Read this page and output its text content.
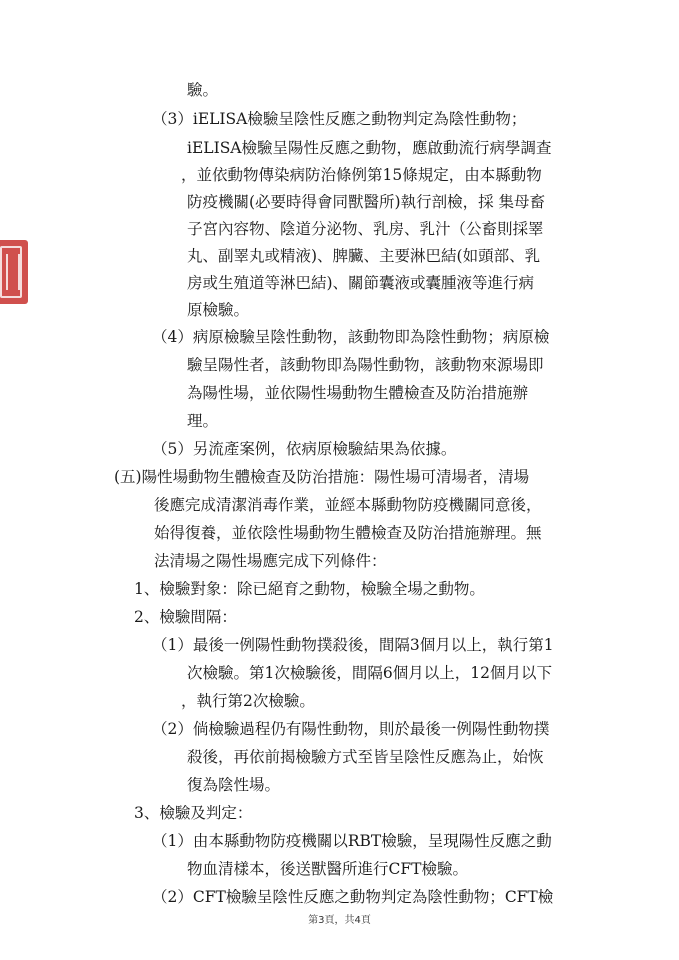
驗。
（3）iELISA檢驗呈陰性反應之動物判定為陰性動物；
iELISA檢驗呈陽性反應之動物，應啟動流行病學調查
，並依動物傳染病防治條例第15條規定，由本縣動物
防疫機關(必要時得會同獸醫所)執行剖檢，採 集母畜
子宮內容物、陰道分泌物、乳房、乳汁（公畜則採睪
丸、副睪丸或精液)、脾臟、主要淋巴結(如頭部、乳
房或生殖道等淋巴結)、關節囊液或囊腫液等進行病
原檢驗。
（4）病原檢驗呈陰性動物，該動物即為陰性動物；病原檢
驗呈陽性者，該動物即為陽性動物，該動物來源場即
為陽性場，並依陽性場動物生體檢查及防治措施辦
理。
（5）另流產案例，依病原檢驗結果為依據。
(五)陽性場動物生體檢查及防治措施：陽性場可清場者，清場
後應完成清潔消毒作業，並經本縣動物防疫機關同意後，
始得復養，並依陰性場動物生體檢查及防治措施辦理。無
法清場之陽性場應完成下列條件：
1、檢驗對象：除已絕育之動物，檢驗全場之動物。
2、檢驗間隔：
（1）最後一例陽性動物撲殺後，間隔3個月以上，執行第1
次檢驗。第1次檢驗後，間隔6個月以上，12個月以下
，執行第2次檢驗。
（2）倘檢驗過程仍有陽性動物，則於最後一例陽性動物撲
殺後，再依前揭檢驗方式至皆呈陰性反應為止，始恢
復為陰性場。
3、檢驗及判定：
（1）由本縣動物防疫機關以RBT檢驗，呈現陽性反應之動
物血清樣本，後送獸醫所進行CFT檢驗。
（2）CFT檢驗呈陰性反應之動物判定為陰性動物；CFT檢
第3頁，共4頁
